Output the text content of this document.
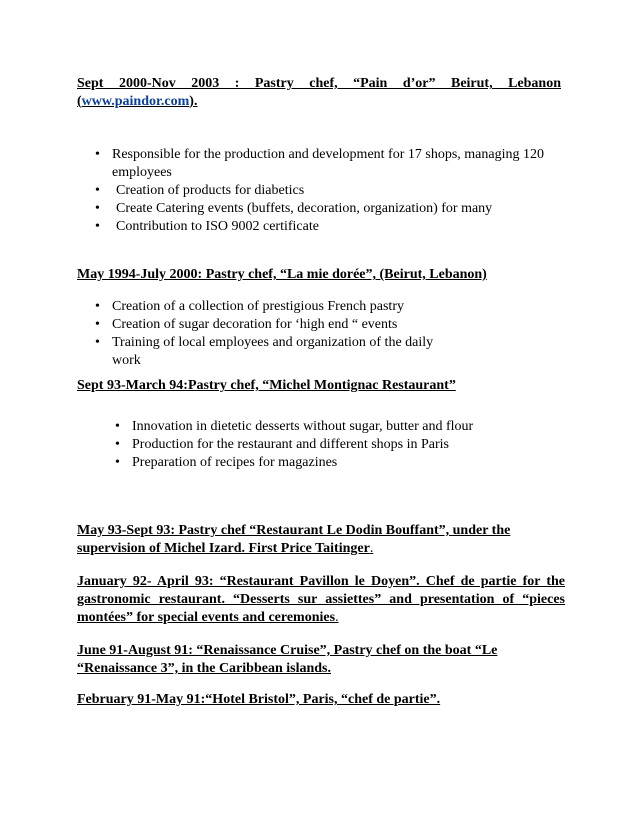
Sept 2000-Nov 2003 : Pastry chef, “Pain d’or” Beirut, Lebanon

(www.paindor.com).

• Responsible for the production and development for 17 shops, managing 120 employees
• Creation of products for diabetics
• Create Catering events (buffets, decoration, organization) for many
• Contribution to ISO 9002 certificate

May 1994-July 2000: Pastry chef, “La mie dorée”, (Beirut, Lebanon)

• Creation of a collection of prestigious French pastry
• Creation of sugar decoration for ‘high end “ events
• Training of local employees and organization of the daily work

Sept 93-March 94:Pastry chef, “Michel Montignac Restaurant”

• Innovation in dietetic desserts without sugar, butter and flour
• Production for the restaurant and different shops in Paris
• Preparation of recipes for magazines

May 93-Sept 93: Pastry chef “Restaurant Le Dodin Bouffant”, under the supervision of Michel Izard. First Price Taitinger.

January 92- April 93: “Restaurant Pavillon le Doyen”. Chef de partie for the gastronomic restaurant. “Desserts sur assiettes” and presentation of “pieces montées” for special events and ceremonies.

June 91-August 91: “Renaissance Cruise”, Pastry chef on the boat “Le “Renaissance 3”, in the Caribbean islands.

February 91-May 91:“Hotel Bristol”, Paris, “chef de partie”.
